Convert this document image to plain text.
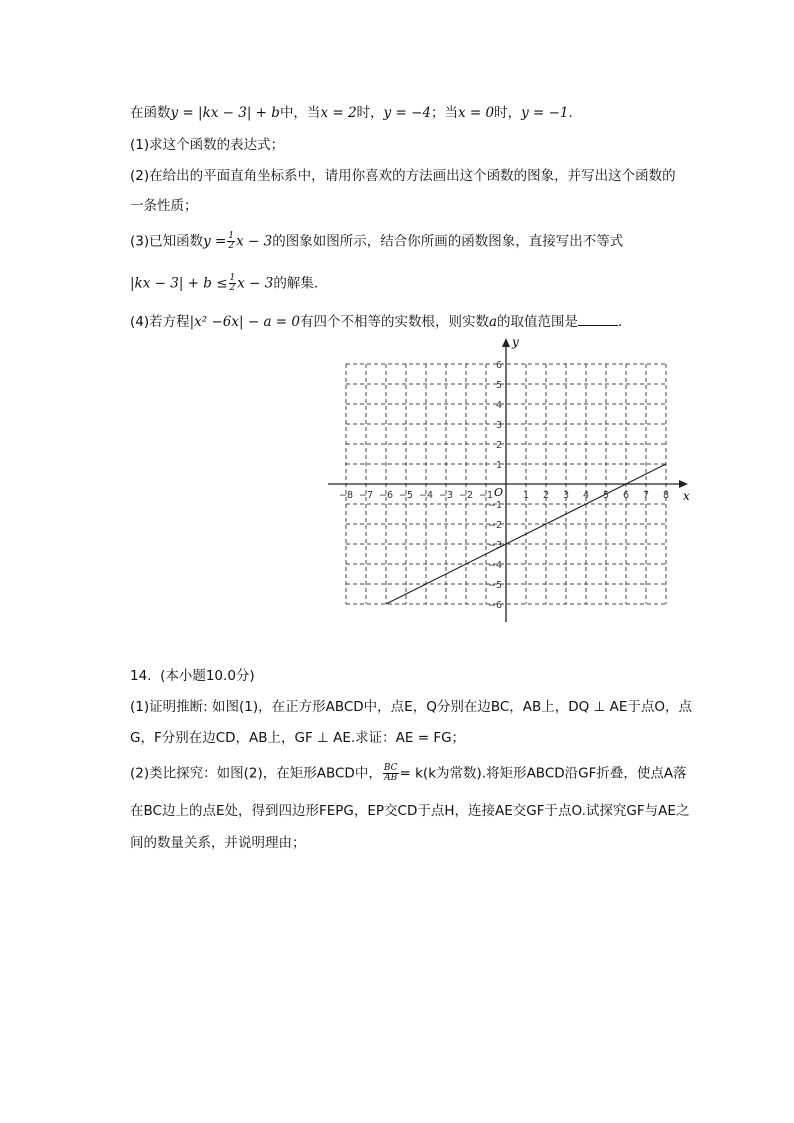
在函数y = |kx − 3| + b中，当x = 2时，y = −4；当x = 0时，y = −1.
(1)求这个函数的表达式；
(2)在给出的平面直角坐标系中，请用你喜欢的方法画出这个函数的图象，并写出这个函数的
一条性质；
(3)已知函数$y = \frac{1}{2}$ x − 3的图象如图所示，结合你所画的函数图象，直接写出不等式
$|kx - 3| + b \le \frac{1}{2}$ x − 3的解集.
(4)若方程|x² −6x| − a = 0有四个不相等的实数根，则实数a的取值范围是	.
x
y
O
−8 −7 −6 −5 −4 −3 −2 −1	1 2 3 4 5 6 7 8
6
5
4
3
2
1
−1
−2
−3
−4
−5
−6
14. (本小题10.0分)
(1)证明推断: 如图(1)，在正方形ABCD中，点E，Q分别在边BC，AB上，DQ ⊥ AE于点O，点
G，F分别在边CD，AB上，GF ⊥ AE.求证：AE = FG；
(2)类比探究：如图(2)，在矩形ABCD中， $\frac{BC}{AB} = k(k$为常数).将矩形ABCD沿GF折叠，使点A落
在BC边上的点E处，得到四边形FEPG，EP交CD于点H，连接AE交GF于点O.试探究GF与AE之
间的数量关系，并说明理由；
